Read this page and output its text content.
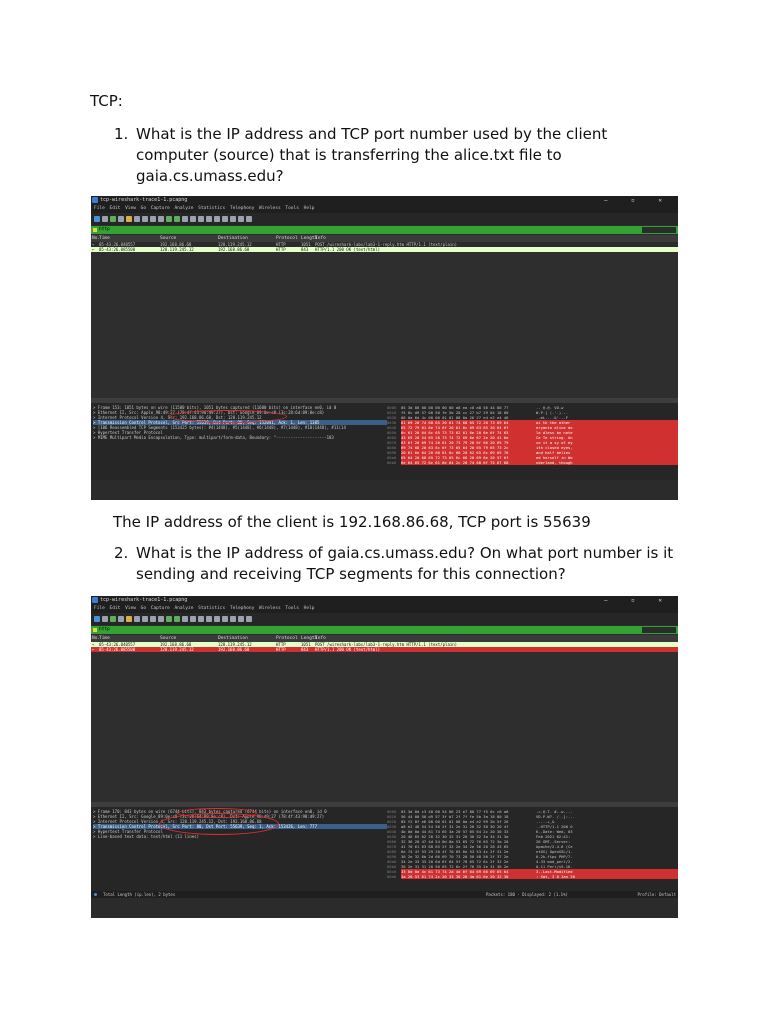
TCP:
1. What is the IP address and TCP port number used by the client computer (source) that is transferring the alice.txt file to gaia.cs.umass.edu?
tcp-wireshark-trace1-1.pcapng	– ▫ ✕
File Edit View Go Capture Analyze Statistics Telephony Wireless Tools Help
http
No.
Time	Source	Destination	Protocol Length
Info
→	05-43:26.840557	192.168.86.68	128.119.245.12	HTTP	1051	POST /wireshark-labs/lab3-1-reply.htm HTTP/1.1 (text/plain)
←	05-43:26.085500	128.119.245.12	192.168.86.68	HTTP	843	HTTP/1.1 200 OK (text/html)
> Frame 153: 1051 bytes on wire (11500 bits), 1051 bytes captured (11600 bits) on interface en0, id 0
> Ethernet II, Src: Apple_98:d9:27 (78:4f:43:98:d9:27), Dst: Google_89:0e:c8 (3c:28:6d:89:0e:c8)
> Internet Protocol Version 4, Src: 192.168.86.68, Dst: 128.119.245.12
> Transmission Control Protocol, Src Port: 55639, Dst Port: 80, Seq: 152041, Ack: 1, Len: 1385
> [106 Reassembled TCP Segments (153425 bytes): #4(1448), #5(1448), #6(1448), #7(1448), #10(1448), #11(14
> Hypertext Transfer Protocol
> MIME Multipart Media Encapsulation, Type: multipart/form-data, Boundary: "---------------------183
0000	05 3d 00 00 00 00 00 00 a8 ea c0 a8 56 44 80 77	.. @.@. VD.w
0010	f5 0c d9 57 00 50 fe 5b 28 cc 27 b7 29 04 18 00	W.P.[ (.'.)...
0020	08 0a 6d 4c 00 00 01 01 08 0a 26 27 e4 e2 e4 46	..mL....&'...F
0030	61 69 20 74 68 65 20 61 74 68 65 72 20 73 69 64	ai th the other
0040	65 72 79 61 6e 74 6f 20 61 6c 69 63 65 20 64 6f	eryanto alice do
0050	6c 61 20 64 6c 65 73 73 62 61 6e 20 6e 6f 74 65	la dless bn note
0060	43 65 20 54 65 20 73 74 72 69 6e 67 2e 20 41 6e	Ce Te string. An
0070	63 6f 20 69 74 20 61 20 73 79 20 6f 66 20 65 79	co it a sy of ey
0080	69 74 68 20 63 6c 6f 73 65 64 20 65 79 65 73 2c	ith closed eyes,
0090	20 61 6e 64 20 68 61 6c 66 20 62 65 6c 69 65 76	and half believ
00a0	65 64 20 68 65 72 73 65 6c 66 20 69 6e 20 57 6f	ed herself in Wo
00b0	6e 64 65 72 6c 61 6e 64 2c 20 74 68 6f 75 67 68	nderland, though
The IP address of the client is 192.168.86.68, TCP port is 55639
2. What is the IP address of gaia.cs.umass.edu? On what port number is it sending and receiving TCP segments for this connection?
tcp-wireshark-trace1-1.pcapng	– ▫ ✕
File Edit View Go Capture Analyze Statistics Telephony Wireless Tools Help
http
No.
Time	Source	Destination	Protocol Length
Info
→	05-43:26.840557	192.168.86.68	128.119.245.12	HTTP	1051	POST /wireshark-labs/lab3-1-reply.htm HTTP/1.1 (text/plain)
←	05-43:26.085500	128.119.245.12	192.168.86.68	HTTP	843	HTTP/1.1 200 OK (text/html)
> Frame 170: 843 bytes on wire (6744 bits), 843 bytes captured (6744 bits) on interface en0, id 0
> Ethernet II, Src: Google_89:0e:c8 (3c:28:6d:89:0e:c8), Dst: Apple_98:d9:27 (78:4f:43:98:d9:27)
> Internet Protocol Version 4, Src: 128.119.245.12, Dst: 192.168.86.68
> Transmission Control Protocol, Src Port: 80, Dst Port: 55639, Seq: 1, Ack: 153426, Len: 777
> Hypertext Transfer Protocol
> Line-based text data: text/html (11 lines)
0000	03 3d 0d c3 40 00 54 06 23 e7 80 77 f5 0c c0 a8	.=.@.T. #..w....
0010	56 44 00 50 d9 57 3f b7 2f 7f fe 5b 3a 18 80 18	VD.P.W?. /..[:...
0020	05 f2 8f e6 00 00 01 01 08 0a e4 e2 99 2b 5f 26	.....+_&
0030	a8 e2 48 54 54 50 2f 31 2e 31 20 32 30 30 20 4f	..HTTP/1.1 200 O
0040	4b 0d 0a 44 61 74 65 3a 20 57 65 64 2c 20 30 33	K..Date: Wed, 03
0050	20 46 65 62 20 32 30 32 31 20 30 32 3a 34 31 3a	Feb 2021 02:41:
0060	32 36 20 47 4d 54 0d 0a 53 65 72 76 65 72 3a 20	26 GMT..Server:
0070	41 70 61 63 68 65 2f 32 2e 34 2e 36 20 28 43 65	Apache/2.4.6 (Ce
0080	6e 74 4f 53 29 20 4f 70 65 6e 53 53 4c 2f 31 2e	ntOS) OpenSSL/1.
0090	30 2e 32 6b 2d 66 69 70 73 20 50 48 50 2f 37 2e	0.2k-fips PHP/7.
00a0	34 2e 33 33 20 6d 6f 64 5f 70 65 72 6c 2f 32 2e	4.33 mod_perl/2.
00b0	30 2e 31 31 20 50 65 72 6c 2f 76 35 2e 31 36 2e	0.11 Perl/v5.16.
00c0	33 0d 0a 4c 61 73 74 2d 4d 6f 64 69 66 69 65 64	3..Last-Modified
00d0	3a 20 53 61 74 2c 20 33 30 20 4a 61 6e 20 32 30	: Sat, 3 0 Jan 20
Total Length (ip.len), 2 bytes	Packets: 180 · Displayed: 2 (1.1%)	Profile: Default
